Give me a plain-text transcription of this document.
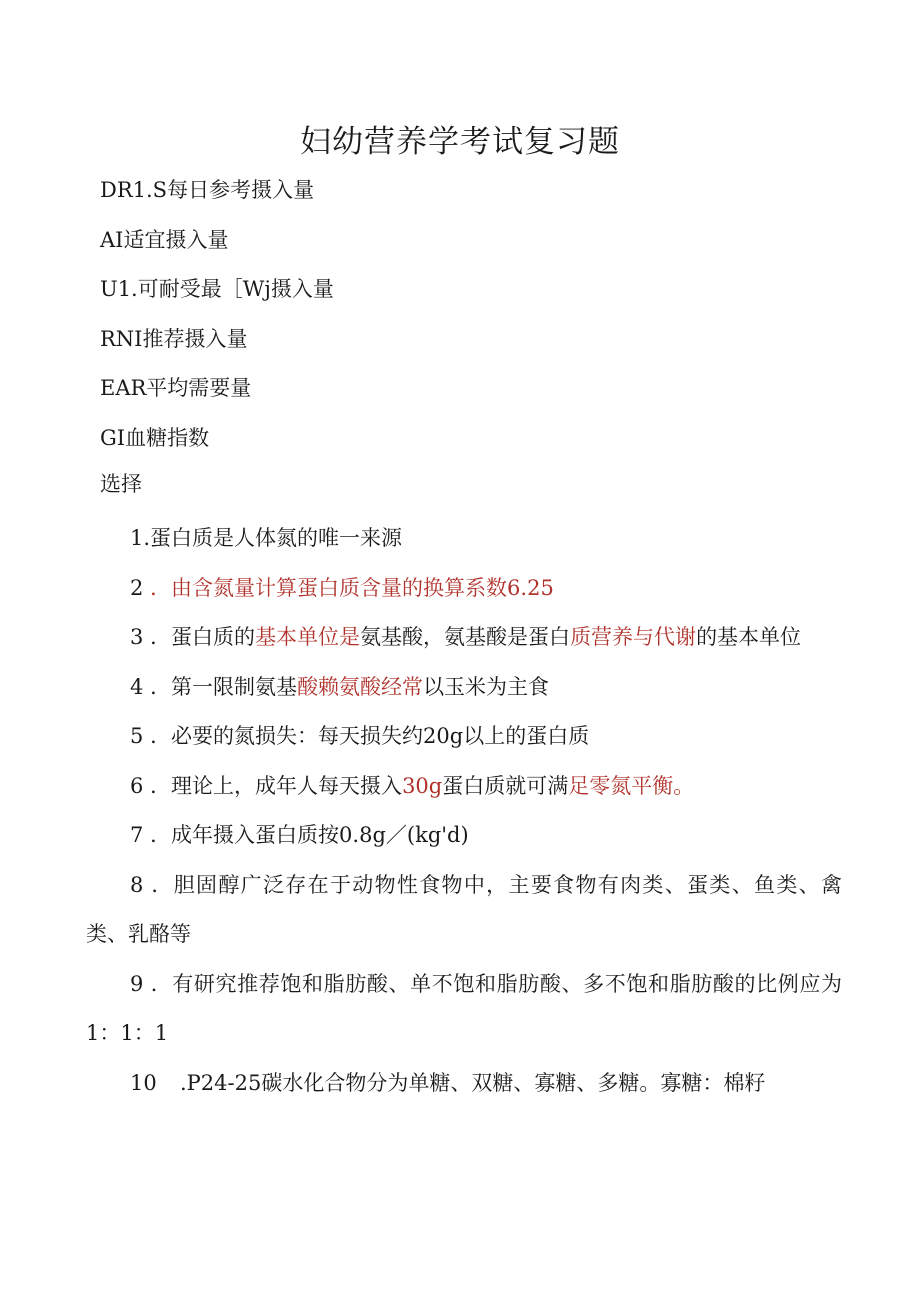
妇幼营养学考试复习题
DR1.S每日参考摄入量
AI适宜摄入量
U1.可耐受最［Wj摄入量
RNI推荐摄入量
EAR平均需要量
GI血糖指数
选择
1.蛋白质是人体氮的唯一来源
2 ．由含氮量计算蛋白质含量的换算系数6.25
3 ．蛋白质的基本单位是氨基酸，氨基酸是蛋白质营养与代谢的基本单位
4 ．第一限制氨基酸赖氨酸经常以玉米为主食
5 ．必要的氮损失：每天损失约20g以上的蛋白质
6 ．理论上，成年人每天摄入30g蛋白质就可满足零氮平衡。
7 ．成年摄入蛋白质按0.8g／(kg'd)
8 ．胆固醇广泛存在于动物性食物中，主要食物有肉类、蛋类、鱼类、禽类、乳酪等
9 ．有研究推荐饱和脂肪酸、单不饱和脂肪酸、多不饱和脂肪酸的比例应为1：1：1
10 .P24-25碳水化合物分为单糖、双糖、寡糖、多糖。寡糖：棉籽
